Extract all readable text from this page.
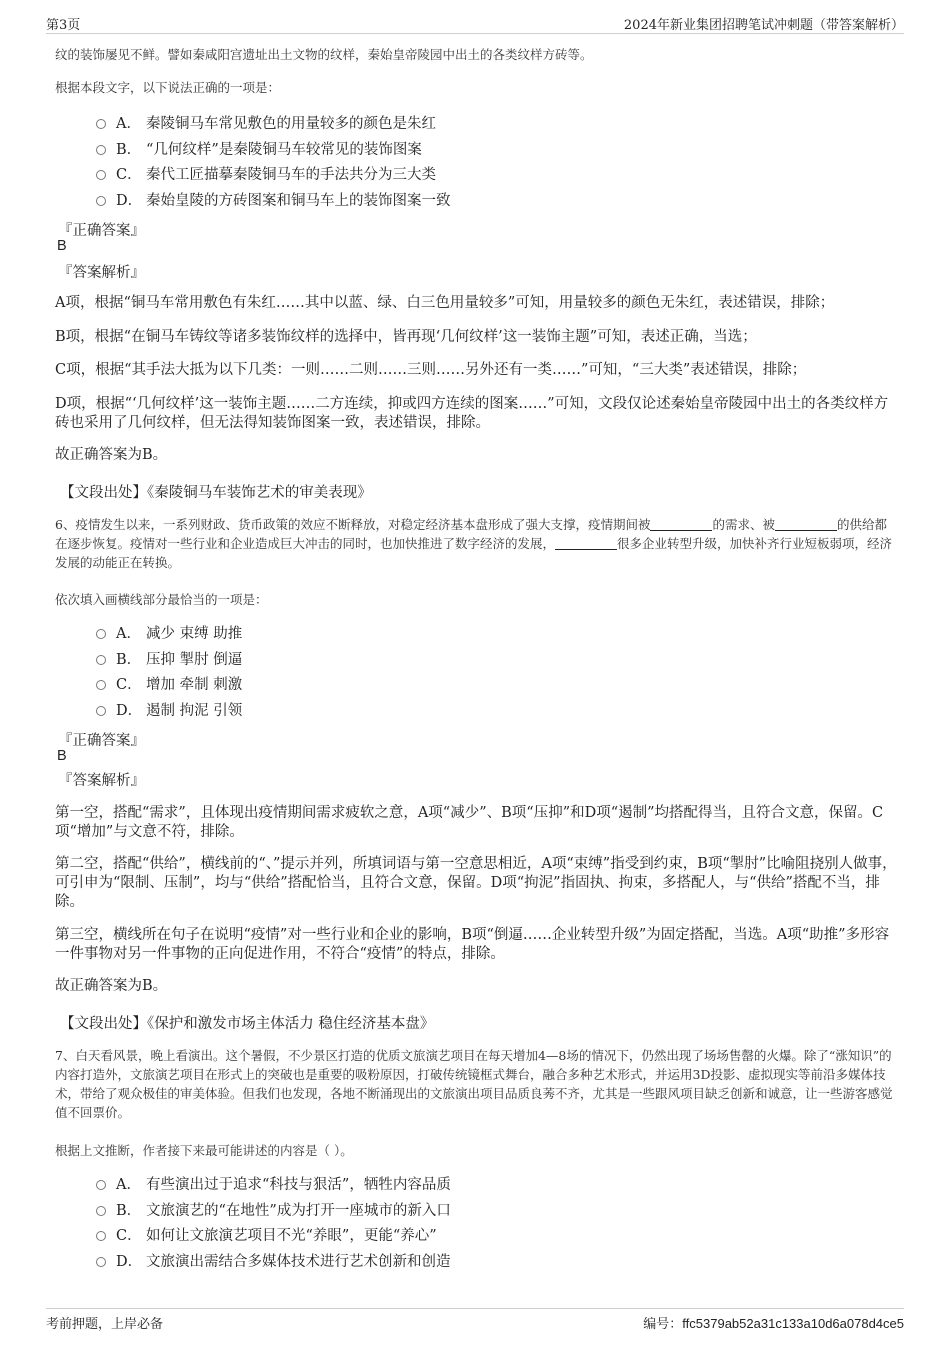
第3页	2024年新业集团招聘笔试冲刺题（带答案解析）
纹的装饰屡见不鲜。譬如秦咸阳宫遗址出土文物的纹样，秦始皇帝陵园中出土的各类纹样方砖等。
根据本段文字，以下说法正确的一项是：
A． 秦陵铜马车常见敷色的用量较多的颜色是朱红
B． “几何纹样”是秦陵铜马车较常见的装饰图案
C． 秦代工匠描摹秦陵铜马车的手法共分为三大类
D． 秦始皇陵的方砖图案和铜马车上的装饰图案一致
『正确答案』
B
『答案解析』
A项，根据“铜马车常用敷色有朱红……其中以蓝、绿、白三色用量较多”可知，用量较多的颜色无朱红，表述错误，排除；
B项，根据“在铜马车铸纹等诸多装饰纹样的选择中，皆再现‘几何纹样’这一装饰主题”可知，表述正确，当选；
C项，根据“其手法大抵为以下几类：一则……二则……三则……另外还有一类……”可知，“三大类”表述错误，排除；
D项，根据“‘几何纹样’这一装饰主题……二方连续，抑或四方连续的图案……”可知，文段仅论述秦始皇帝陵园中出土的各类纹样方砖也采用了几何纹样，但无法得知装饰图案一致，表述错误，排除。
故正确答案为B。
【文段出处】《秦陵铜马车装饰艺术的审美表现》
6、疫情发生以来，一系列财政、货币政策的效应不断释放，对稳定经济基本盘形成了强大支撑，疫情期间被	的需求、被	的供给都在逐步恢复。疫情对一些行业和企业造成巨大冲击的同时，也加快推进了数字经济的发展，	很多企业转型升级，加快补齐行业短板弱项，经济发展的动能正在转换。
依次填入画横线部分最恰当的一项是：
A． 减少 束缚 助推
B． 压抑 掣肘 倒逼
C． 增加 牵制 刺激
D． 遏制 拘泥 引领
『正确答案』
B
『答案解析』
第一空，搭配“需求”，且体现出疫情期间需求疲软之意，A项“减少”、B项“压抑”和D项“遏制”均搭配得当，且符合文意，保留。C项“增加”与文意不符，排除。
第二空，搭配“供给”，横线前的“、”提示并列，所填词语与第一空意思相近，A项“束缚”指受到约束，B项“掣肘”比喻阻挠别人做事，可引申为“限制、压制”，均与“供给”搭配恰当，且符合文意，保留。D项“拘泥”指固执、拘束，多搭配人，与“供给”搭配不当，排除。
第三空，横线所在句子在说明“疫情”对一些行业和企业的影响，B项“倒逼……企业转型升级”为固定搭配，当选。A项“助推”多形容一件事物对另一件事物的正向促进作用，不符合“疫情”的特点，排除。
故正确答案为B。
【文段出处】《保护和激发市场主体活力 稳住经济基本盘》
7、白天看风景，晚上看演出。这个暑假，不少景区打造的优质文旅演艺项目在每天增加4—8场的情况下，仍然出现了场场售罄的火爆。除了“涨知识”的内容打造外，文旅演艺项目在形式上的突破也是重要的吸粉原因，打破传统镜框式舞台，融合多种艺术形式，并运用3D投影、虚拟现实等前沿多媒体技术，带给了观众极佳的审美体验。但我们也发现，各地不断涌现出的文旅演出项目品质良莠不齐，尤其是一些跟风项目缺乏创新和诚意，让一些游客感觉值不回票价。
根据上文推断，作者接下来最可能讲述的内容是（ ）。
A． 有些演出过于追求“科技与狠活”，牺牲内容品质
B． 文旅演艺的“在地性”成为打开一座城市的新入口
C． 如何让文旅演艺项目不光“养眼”，更能“养心”
D． 文旅演出需结合多媒体技术进行艺术创新和创造
考前押题，上岸必备	编号：ffc5379ab52a31c133a10d6a078d4ce5
